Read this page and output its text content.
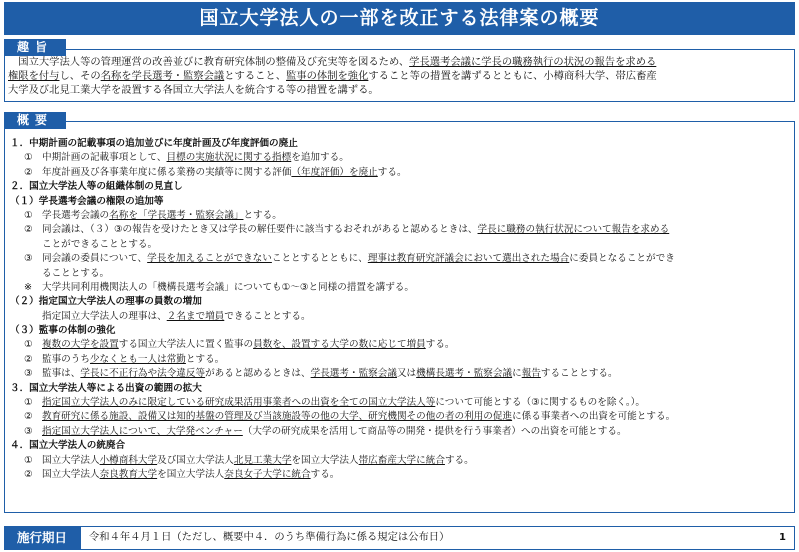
国立大学法人の一部を改正する法律案の概要
趣旨
　国立大学法人等の管理運営の改善並びに教育研究体制の整備及び充実等を図るため、学長選考会議に学長の職務執行の状況の報告を求める
権限を付与し、その名称を学長選考・監察会議とすること、監事の体制を強化すること等の措置を講ずるとともに、小樽商科大学、帯広畜産
大学及び北見工業大学を設置する各国立大学法人を統合する等の措置を講ずる。
概要
１．中期計画の記載事項の追加並びに年度計画及び年度評価の廃止
① 中期計画の記載事項として、目標の実施状況に関する指標を追加する。
② 年度計画及び各事業年度に係る業務の実績等に関する評価（年度評価）を廃止する。
２．国立大学法人等の組織体制の見直し
（１）学長選考会議の権限の追加等
① 学長選考会議の名称を「学長選考・監察会議」とする。
② 同会議は、（３）③の報告を受けたとき又は学長の解任要件に該当するおそれがあると認めるときは、学長に職務の執行状況について報告を求める
ことができることとする。
③ 同会議の委員について、学長を加えることができないこととするとともに、理事は教育研究評議会において選出された場合に委員となることができ
ることとする。
※ 大学共同利用機関法人の「機構長選考会議」についても①～③と同様の措置を講ずる。
（２）指定国立大学法人の理事の員数の増加
指定国立大学法人の理事は、２名まで増員できることとする。
（３）監事の体制の強化
① 複数の大学を設置する国立大学法人に置く監事の員数を、設置する大学の数に応じて増員する。
② 監事のうち少なくとも一人は常勤とする。
③ 監事は、学長に不正行為や法令違反等があると認めるときは、学長選考・監察会議又は機構長選考・監察会議に報告することとする。
３．国立大学法人等による出資の範囲の拡大
① 指定国立大学法人のみに限定している研究成果活用事業者への出資を全ての国立大学法人等について可能とする（③に関するものを除く。）。
② 教育研究に係る施設、設備又は知的基盤の管理及び当該施設等の他の大学、研究機関その他の者の利用の促進に係る事業者への出資を可能とする。
③ 指定国立大学法人について、大学発ベンチャー（大学の研究成果を活用して商品等の開発・提供を行う事業者）への出資を可能とする。
４．国立大学法人の統廃合
① 国立大学法人小樽商科大学及び国立大学法人北見工業大学を国立大学法人帯広畜産大学に統合する。
② 国立大学法人奈良教育大学を国立大学法人奈良女子大学に統合する。
施行期日	令和４年４月１日（ただし、概要中４．のうち準備行為に係る規定は公布日）	1
